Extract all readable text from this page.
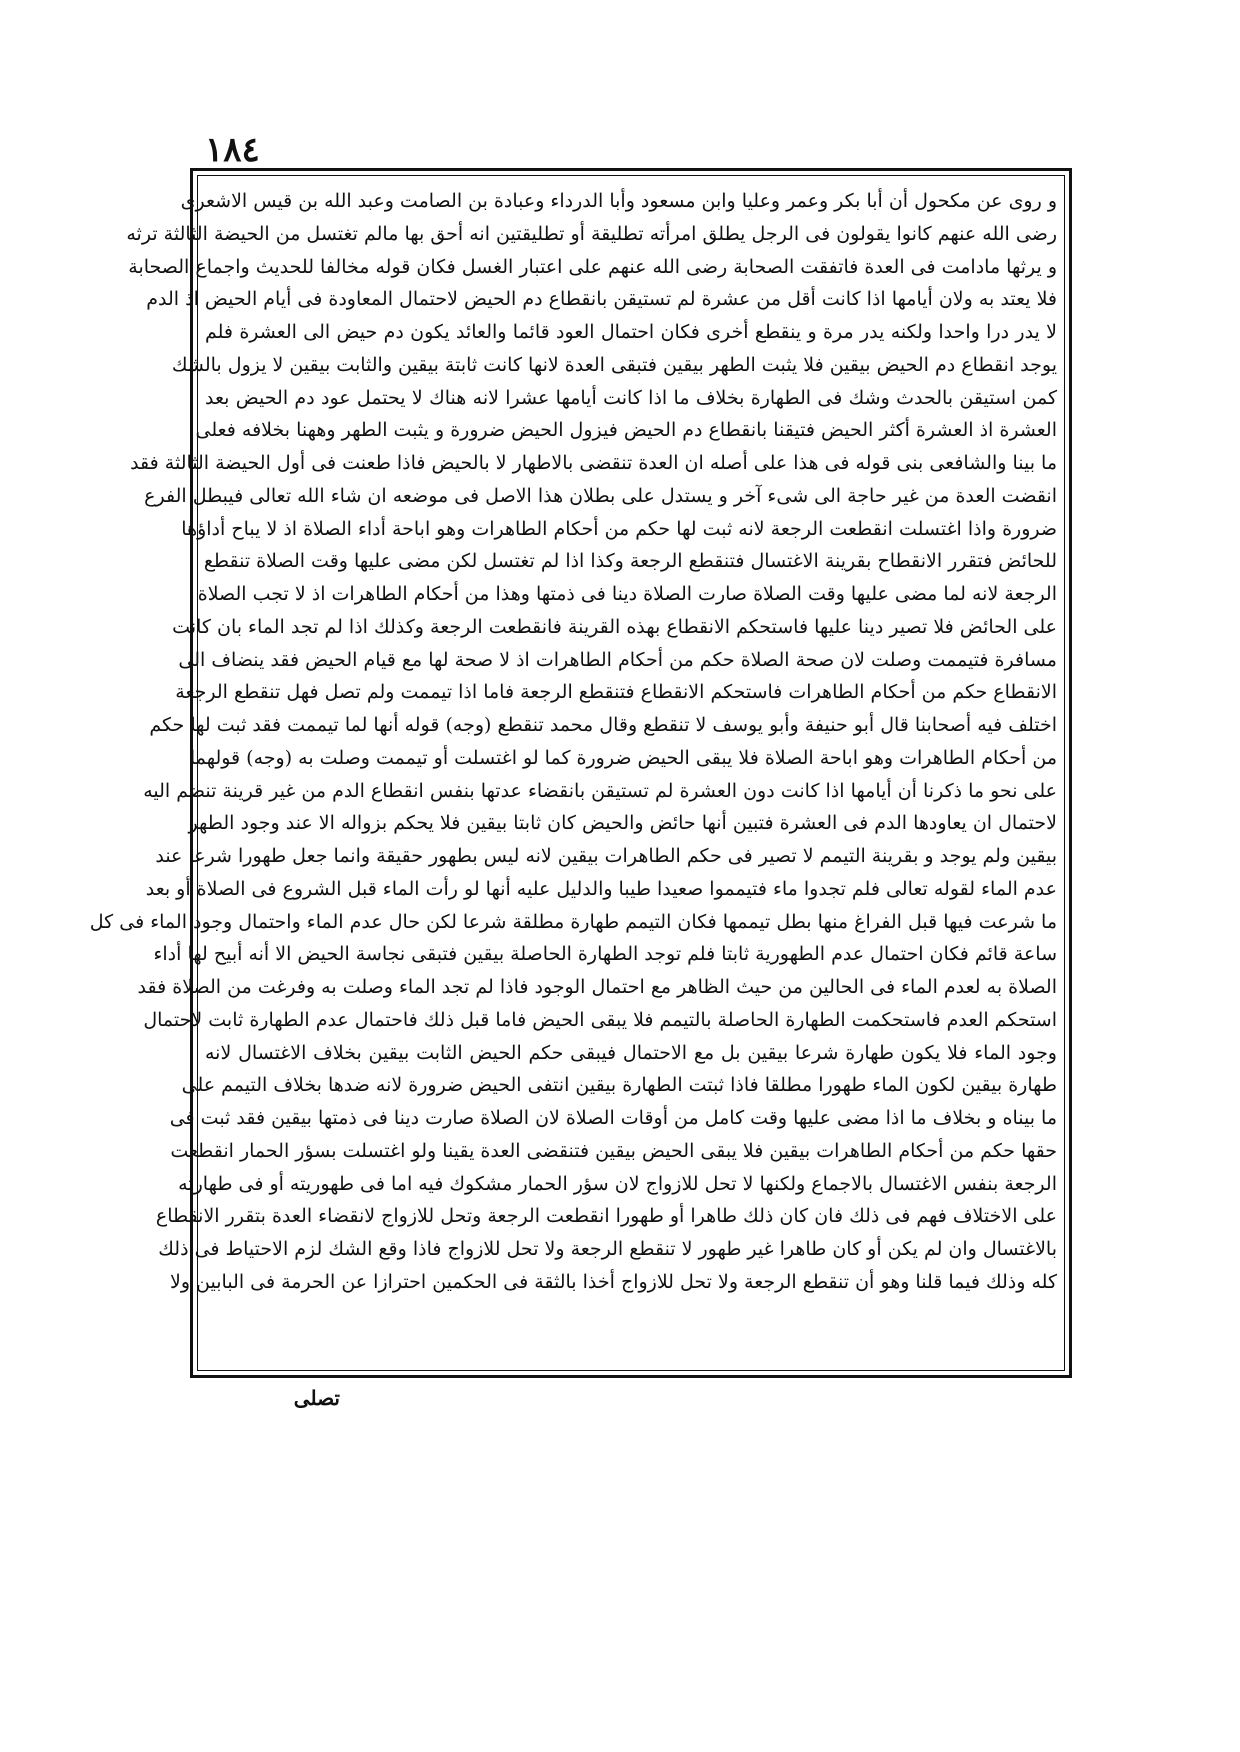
١٨٤
و روى عن مكحول أن أبا بكر وعمر وعليا وابن مسعود وأبا الدرداء وعبادة بن الصامت وعبد الله بن قيس الاشعرى
رضى الله عنهم كانوا يقولون فى الرجل يطلق امرأته تطليقة أو تطليقتين انه أحق بها مالم تغتسل من الحيضة الثالثة ترثه
و يرثها مادامت فى العدة فاتفقت الصحابة رضى الله عنهم على اعتبار الغسل فكان قوله مخالفا للحديث واجماع الصحابة
فلا يعتد به ولان أيامها اذا كانت أقل من عشرة لم تستيقن بانقطاع دم الحيض لاحتمال المعاودة فى أيام الحيض اذ الدم
لا يدر درا واحدا ولكنه يدر مرة و ينقطع أخرى فكان احتمال العود قائما والعائد يكون دم حيض الى العشرة فلم
يوجد انقطاع دم الحيض بيقين فلا يثبت الطهر بيقين فتبقى العدة لانها كانت ثابتة بيقين والثابت بيقين لا يزول بالشك
كمن استيقن بالحدث وشك فى الطهارة بخلاف ما اذا كانت أيامها عشرا لانه هناك لا يحتمل عود دم الحيض بعد
العشرة اذ العشرة أكثر الحيض فتيقنا بانقطاع دم الحيض فيزول الحيض ضرورة و يثبت الطهر وههنا بخلافه فعلى
ما بينا والشافعى بنى قوله فى هذا على أصله ان العدة تنقضى بالاطهار لا بالحيض فاذا طعنت فى أول الحيضة الثالثة فقد
انقضت العدة من غير حاجة الى شىء آخر و يستدل على بطلان هذا الاصل فى موضعه ان شاء الله تعالى فيبطل الفرع
ضرورة واذا اغتسلت انقطعت الرجعة لانه ثبت لها حكم من أحكام الطاهرات وهو اباحة أداء الصلاة اذ لا يباح أداؤها
للحائض فتقرر الانقطاح بقرينة الاغتسال فتنقطع الرجعة وكذا اذا لم تغتسل لكن مضى عليها وقت الصلاة تنقطع
الرجعة لانه لما مضى عليها وقت الصلاة صارت الصلاة دينا فى ذمتها وهذا من أحكام الطاهرات اذ لا تجب الصلاة
على الحائض فلا تصير دينا عليها فاستحكم الانقطاع بهذه القرينة فانقطعت الرجعة وكذلك اذا لم تجد الماء بان كانت
مسافرة فتيممت وصلت لان صحة الصلاة حكم من أحكام الطاهرات اذ لا صحة لها مع قيام الحيض فقد ينضاف الى
الانقطاع حكم من أحكام الطاهرات فاستحكم الانقطاع فتنقطع الرجعة فاما اذا تيممت ولم تصل فهل تنقطع الرجعة
اختلف فيه أصحابنا قال أبو حنيفة وأبو يوسف لا تنقطع وقال محمد تنقطع (وجه) قوله أنها لما تيممت فقد ثبت لها حكم
من أحكام الطاهرات وهو اباحة الصلاة فلا يبقى الحيض ضرورة كما لو اغتسلت أو تيممت وصلت به (وجه) قولهما
على نحو ما ذكرنا أن أيامها اذا كانت دون العشرة لم تستيقن بانقضاء عدتها بنفس انقطاع الدم من غير قرينة تنضم اليه
لاحتمال ان يعاودها الدم فى العشرة فتبين أنها حائض والحيض كان ثابتا بيقين فلا يحكم بزواله الا عند وجود الطهر
بيقين ولم يوجد و بقرينة التيمم لا تصير فى حكم الطاهرات بيقين لانه ليس بطهور حقيقة وانما جعل طهورا شرعا عند
عدم الماء لقوله تعالى فلم تجدوا ماء فتيمموا صعيدا طيبا والدليل عليه أنها لو رأت الماء قبل الشروع فى الصلاة أو بعد
ما شرعت فيها قبل الفراغ منها بطل تيممها فكان التيمم طهارة مطلقة شرعا لكن حال عدم الماء واحتمال وجود الماء فى كل
ساعة قائم فكان احتمال عدم الطهورية ثابتا فلم توجد الطهارة الحاصلة بيقين فتبقى نجاسة الحيض الا أنه أبيح لها أداء
الصلاة به لعدم الماء فى الحالين من حيث الظاهر مع احتمال الوجود فاذا لم تجد الماء وصلت به وفرغت من الصلاة فقد
استحكم العدم فاستحكمت الطهارة الحاصلة بالتيمم فلا يبقى الحيض فاما قبل ذلك فاحتمال عدم الطهارة ثابت لاحتمال
وجود الماء فلا يكون طهارة شرعا بيقين بل مع الاحتمال فيبقى حكم الحيض الثابت بيقين بخلاف الاغتسال لانه
طهارة بيقين لكون الماء طهورا مطلقا فاذا ثبتت الطهارة بيقين انتفى الحيض ضرورة لانه ضدها بخلاف التيمم على
ما بيناه و بخلاف ما اذا مضى عليها وقت كامل من أوقات الصلاة لان الصلاة صارت دينا فى ذمتها بيقين فقد ثبت فى
حقها حكم من أحكام الطاهرات بيقين فلا يبقى الحيض بيقين فتنقضى العدة يقينا ولو اغتسلت بسؤر الحمار انقطعت
الرجعة بنفس الاغتسال بالاجماع ولكنها لا تحل للازواج لان سؤر الحمار مشكوك فيه اما فى طهوريته أو فى طهارته
على الاختلاف فهم فى ذلك فان كان ذلك طاهرا أو طهورا انقطعت الرجعة وتحل للازواج لانقضاء العدة بتقرر الانقطاع
بالاغتسال وان لم يكن أو كان طاهرا غير طهور لا تنقطع الرجعة ولا تحل للازواج فاذا وقع الشك لزم الاحتياط فى ذلك
كله وذلك فيما قلنا وهو أن تنقطع الرجعة ولا تحل للازواج أخذا بالثقة فى الحكمين احترازا عن الحرمة فى البابين ولا
تصلى
